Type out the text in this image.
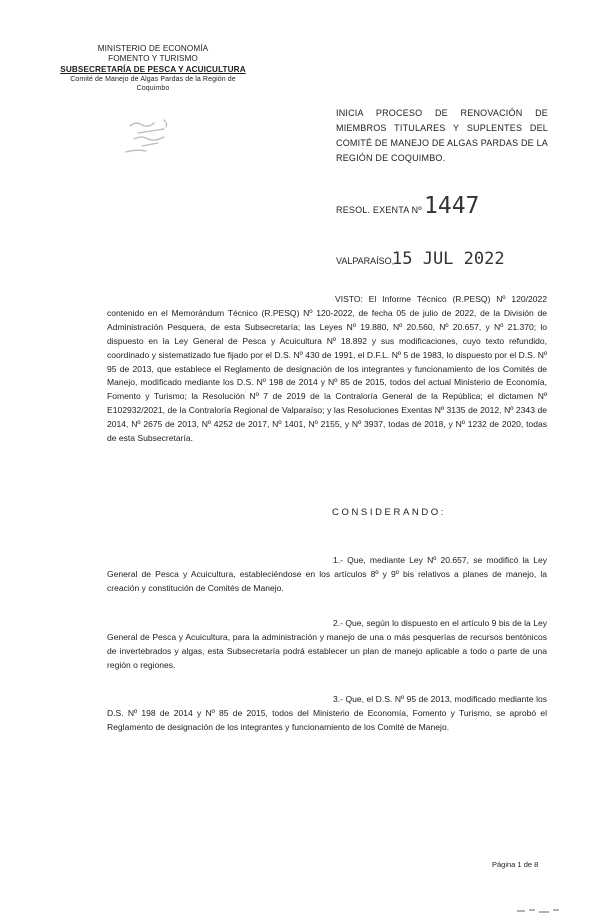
MINISTERIO DE ECONOMÍA
FOMENTO Y TURISMO
SUBSECRETARÍA DE PESCA Y ACUICULTURA
Comité de Manejo de Algas Pardas de la Región de
Coquimbo
INICIA PROCESO DE RENOVACIÓN DE MIEMBROS TITULARES Y SUPLENTES DEL COMITÉ DE MANEJO DE ALGAS PARDAS DE LA REGIÓN DE COQUIMBO.
RESOL. EXENTA Nº 1447
VALPARAÍSO,
15 JUL 2022
VISTO: El Informe Técnico (R.PESQ) Nº 120/2022 contenido en el Memorándum Técnico (R.PESQ) Nº 120-2022, de fecha 05 de julio de 2022, de la División de Administración Pesquera, de esta Subsecretaría; las Leyes Nº 19.880, Nº 20.560, Nº 20.657, y Nº 21.370; lo dispuesto en la Ley General de Pesca y Acuicultura Nº 18.892 y sus modificaciones, cuyo texto refundido, coordinado y sistematizado fue fijado por el D.S. Nº 430 de 1991, el D.F.L. Nº 5 de 1983, lo dispuesto por el D.S. Nº 95 de 2013, que establece el Reglamento de designación de los integrantes y funcionamiento de los Comités de Manejo, modificado mediante los D.S. Nº 198 de 2014 y Nº 85 de 2015, todos del actual Ministerio de Economía, Fomento y Turismo; la Resolución Nº 7 de 2019 de la Contraloría General de la República; el dictamen Nº E102932/2021, de la Contraloría Regional de Valparaíso; y las Resoluciones Exentas Nº 3135 de 2012, Nº 2343 de 2014, Nº 2675 de 2013, Nº 4252 de 2017, Nº 1401, Nº 2155, y Nº 3937, todas de 2018, y Nº 1232 de 2020, todas de esta Subsecretaría.
CONSIDERANDO:
1.- Que, mediante Ley Nº 20.657, se modificó la Ley General de Pesca y Acuicultura, estableciéndose en los artículos 8º y 9º bis relativos a planes de manejo, la creación y constitución de Comités de Manejo.
2.- Que, según lo dispuesto en el artículo 9 bis de la Ley General de Pesca y Acuicultura, para la administración y manejo de una o más pesquerías de recursos bentónicos de invertebrados y algas, esta Subsecretaría podrá establecer un plan de manejo aplicable a todo o parte de una región o regiones.
3.- Que, el D.S. Nº 95 de 2013, modificado mediante los D.S. Nº 198 de 2014 y Nº 85 de 2015, todos del Ministerio de Economía, Fomento y Turismo, se aprobó el Reglamento de designación de los integrantes y funcionamiento de los Comité de Manejo.
Página 1 de 8
